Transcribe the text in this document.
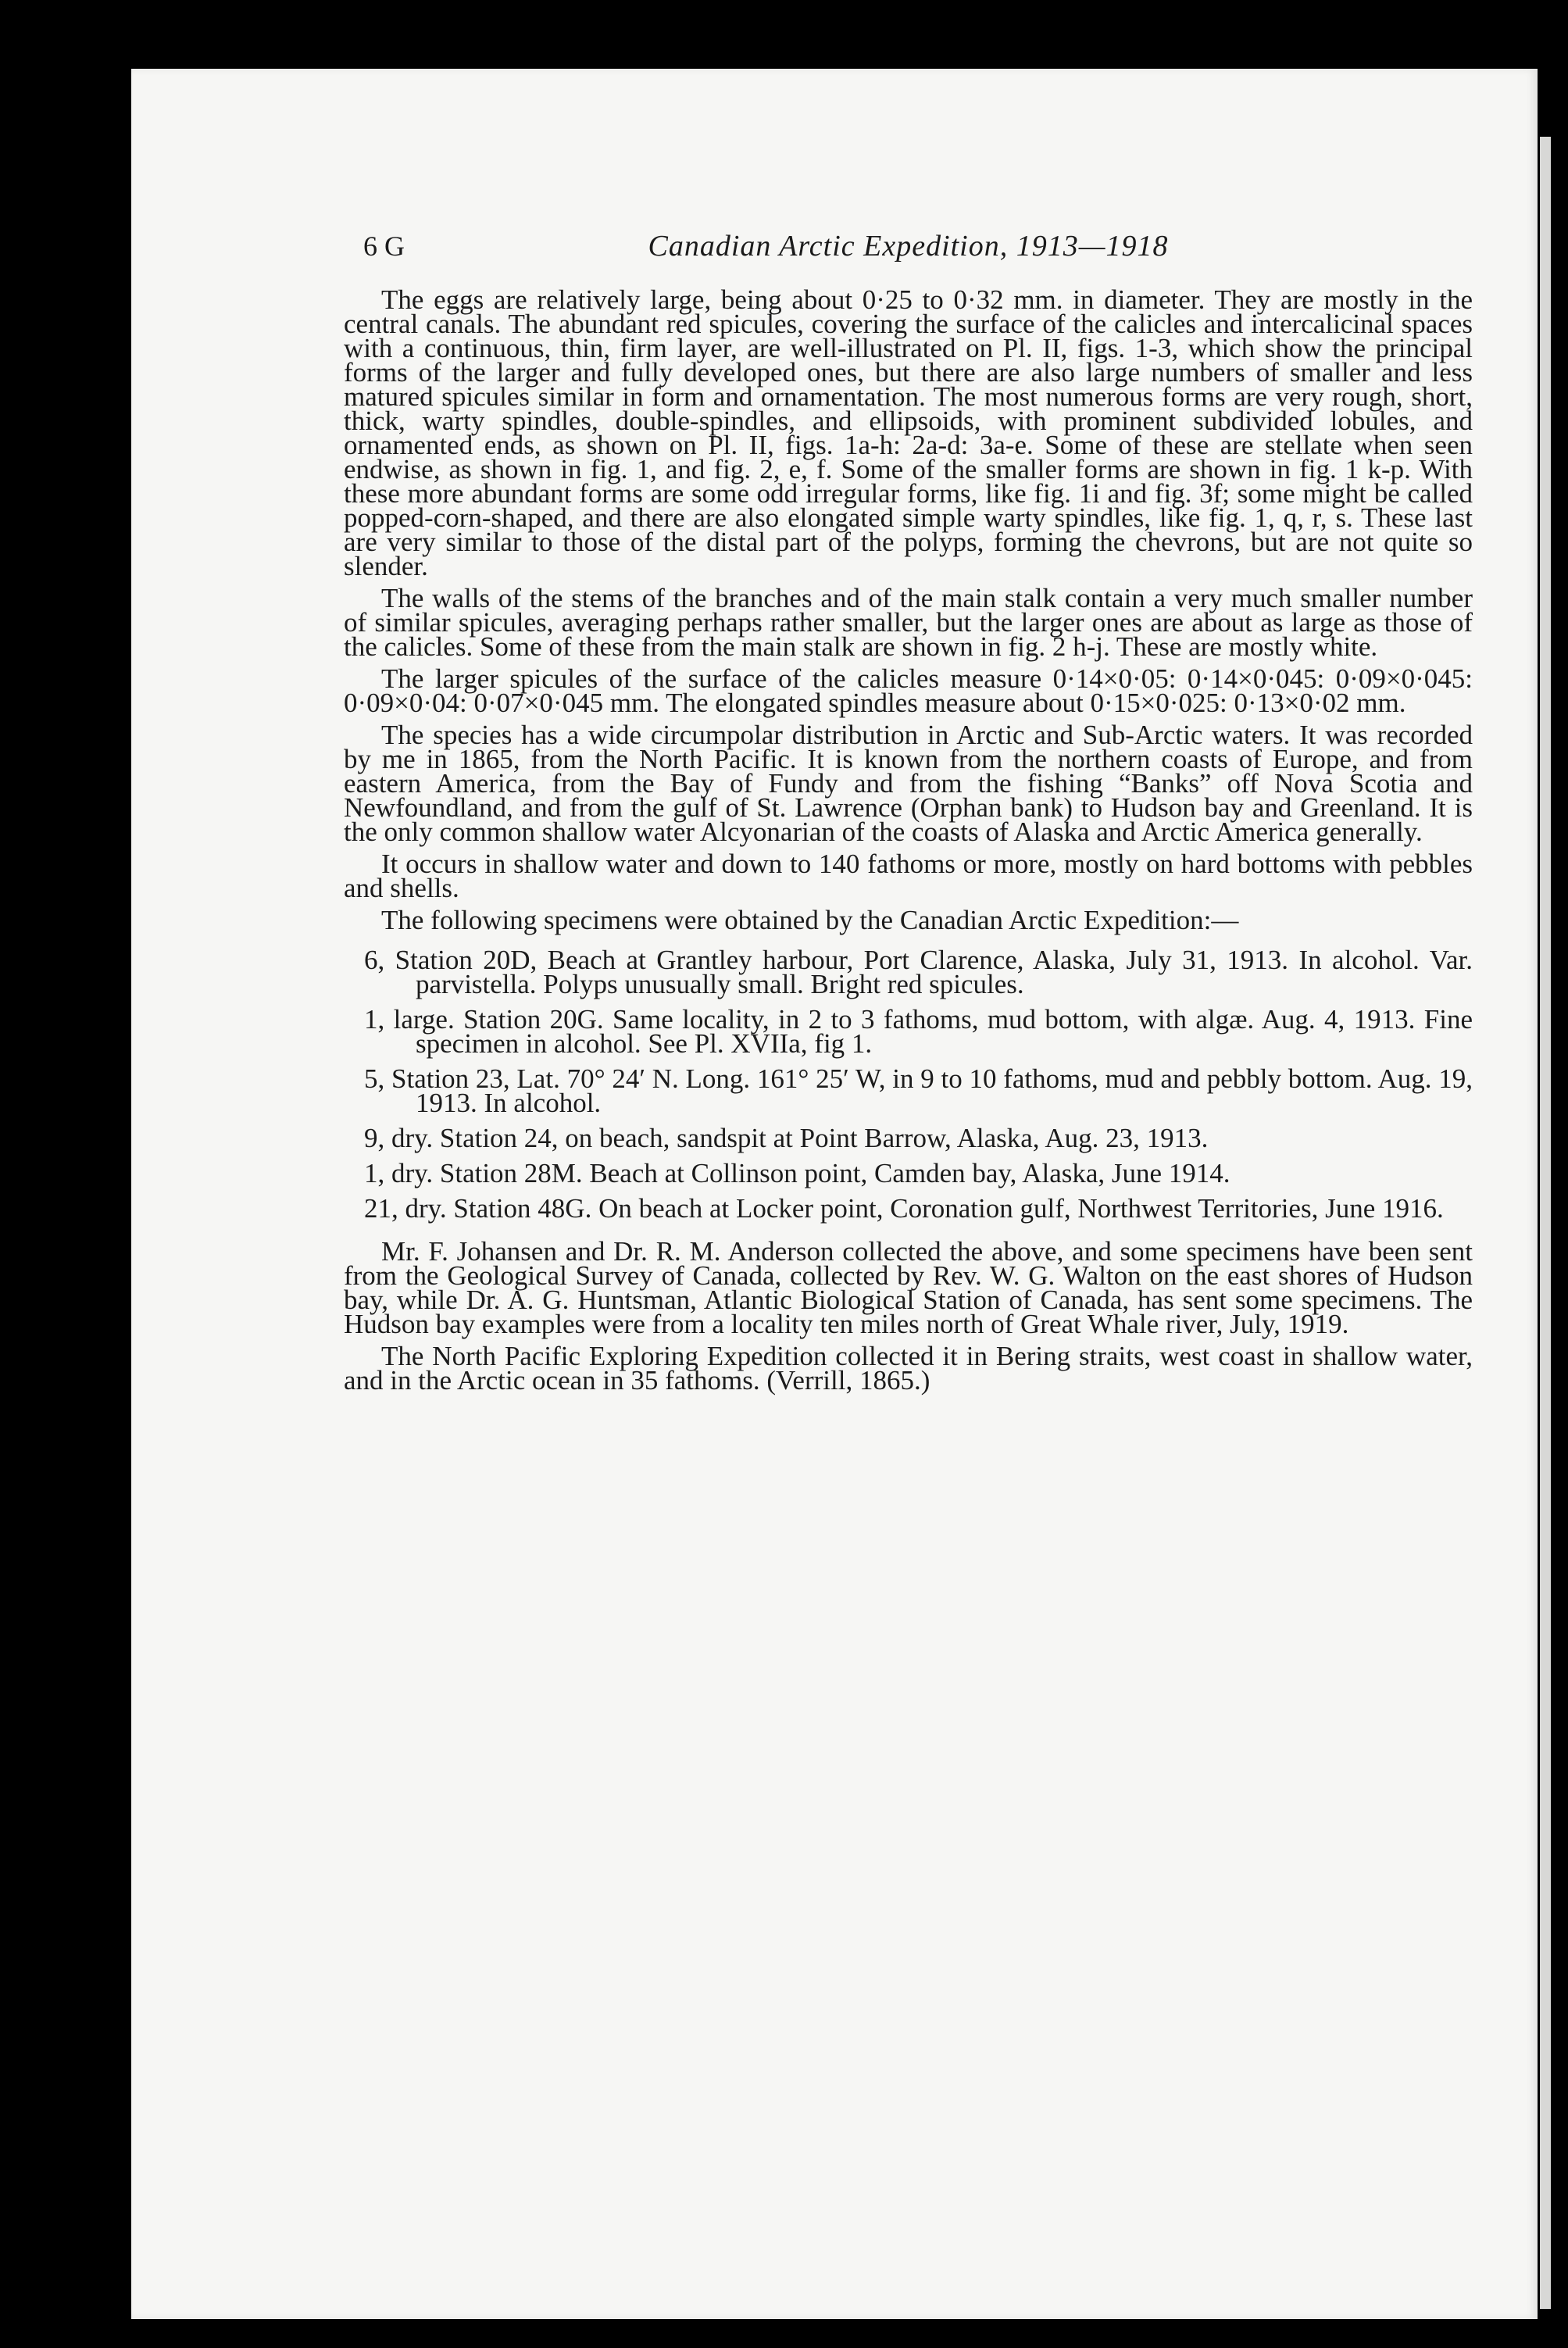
6 G	Canadian Arctic Expedition, 1913—1918

The eggs are relatively large, being about 0·25 to 0·32 mm. in diameter. They are mostly in the central canals. The abundant red spicules, covering the surface of the calicles and intercalicinal spaces with a continuous, thin, firm layer, are well-illustrated on Pl. II, figs. 1-3, which show the principal forms of the larger and fully developed ones, but there are also large numbers of smaller and less matured spicules similar in form and ornamentation. The most numerous forms are very rough, short, thick, warty spindles, double-spindles, and ellipsoids, with prominent subdivided lobules, and ornamented ends, as shown on Pl. II, figs. 1a-h: 2a-d: 3a-e. Some of these are stellate when seen endwise, as shown in fig. 1, and fig. 2, e, f. Some of the smaller forms are shown in fig. 1 k-p. With these more abundant forms are some odd irregular forms, like fig. 1i and fig. 3f; some might be called popped-corn-shaped, and there are also elongated simple warty spindles, like fig. 1, q, r, s. These last are very similar to those of the distal part of the polyps, forming the chevrons, but are not quite so slender.

The walls of the stems of the branches and of the main stalk contain a very much smaller number of similar spicules, averaging perhaps rather smaller, but the larger ones are about as large as those of the calicles. Some of these from the main stalk are shown in fig. 2 h-j. These are mostly white.

The larger spicules of the surface of the calicles measure 0·14×0·05: 0·14×0·045: 0·09×0·045: 0·09×0·04: 0·07×0·045 mm. The elongated spindles measure about 0·15×0·025: 0·13×0·02 mm.

The species has a wide circumpolar distribution in Arctic and Sub-Arctic waters. It was recorded by me in 1865, from the North Pacific. It is known from the northern coasts of Europe, and from eastern America, from the Bay of Fundy and from the fishing “Banks” off Nova Scotia and Newfoundland, and from the gulf of St. Lawrence (Orphan bank) to Hudson bay and Greenland. It is the only common shallow water Alcyonarian of the coasts of Alaska and Arctic America generally.

It occurs in shallow water and down to 140 fathoms or more, mostly on hard bottoms with pebbles and shells.

The following specimens were obtained by the Canadian Arctic Expedition:—

6, Station 20D, Beach at Grantley harbour, Port Clarence, Alaska, July 31, 1913. In alcohol. Var. parvistella. Polyps unusually small. Bright red spicules.
1, large. Station 20G. Same locality, in 2 to 3 fathoms, mud bottom, with algæ. Aug. 4, 1913. Fine specimen in alcohol. See Pl. XVIIa, fig 1.
5, Station 23, Lat. 70° 24′ N. Long. 161° 25′ W, in 9 to 10 fathoms, mud and pebbly bottom. Aug. 19, 1913. In alcohol.
9, dry. Station 24, on beach, sandspit at Point Barrow, Alaska, Aug. 23, 1913.
1, dry. Station 28M. Beach at Collinson point, Camden bay, Alaska, June 1914.
21, dry. Station 48G. On beach at Locker point, Coronation gulf, Northwest Territories, June 1916.

Mr. F. Johansen and Dr. R. M. Anderson collected the above, and some specimens have been sent from the Geological Survey of Canada, collected by Rev. W. G. Walton on the east shores of Hudson bay, while Dr. A. G. Huntsman, Atlantic Biological Station of Canada, has sent some specimens. The Hudson bay examples were from a locality ten miles north of Great Whale river, July, 1919.

The North Pacific Exploring Expedition collected it in Bering straits, west coast in shallow water, and in the Arctic ocean in 35 fathoms. (Verrill, 1865.)
